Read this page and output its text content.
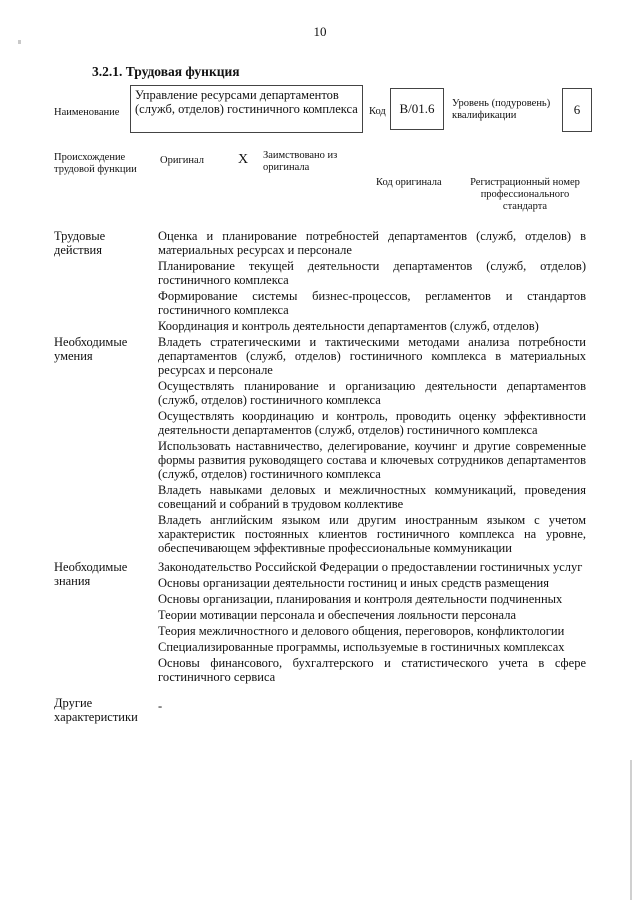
10
3.2.1. Трудовая функция
Наименование
Управление ресурсами департаментов (служб, отделов) гостиничного комплекса	Код	B/01.6	Уровень (подуровень) квалификации	6
Происхождение трудовой функции
Оригинал X Заимствовано из оригинала
Код оригинала	Регистрационный номер профессионального стандарта
Трудовые действия

Оценка и планирование потребностей департаментов (служб, отделов) в материальных ресурсах и персонале

Планирование текущей деятельности департаментов (служб, отделов) гостиничного комплекса

Формирование системы бизнес-процессов, регламентов и стандартов гостиничного комплекса

Координация и контроль деятельности департаментов (служб, отделов)

Необходимые умения

Владеть стратегическими и тактическими методами анализа потребности департаментов (служб, отделов) гостиничного комплекса в материальных ресурсах и персонале

Осуществлять планирование и организацию деятельности департаментов (служб, отделов) гостиничного комплекса

Осуществлять координацию и контроль, проводить оценку эффективности деятельности департаментов (служб, отделов) гостиничного комплекса

Использовать наставничество, делегирование, коучинг и другие современные формы развития руководящего состава и ключевых сотрудников департаментов (служб, отделов) гостиничного комплекса

Владеть навыками деловых и межличностных коммуникаций, проведения совещаний и собраний в трудовом коллективе

Владеть английским языком или другим иностранным языком с учетом характеристик постоянных клиентов гостиничного комплекса на уровне, обеспечивающем эффективные профессиональные коммуникации

Необходимые знания

Законодательство Российской Федерации о предоставлении гостиничных услуг

Основы организации деятельности гостиниц и иных средств размещения

Основы организации, планирования и контроля деятельности подчиненных

Теории мотивации персонала и обеспечения лояльности персонала

Теория межличностного и делового общения, переговоров, конфликтологии

Специализированные программы, используемые в гостиничных комплексах

Основы финансового, бухгалтерского и статистического учета в сфере гостиничного сервиса

Другие характеристики
-
